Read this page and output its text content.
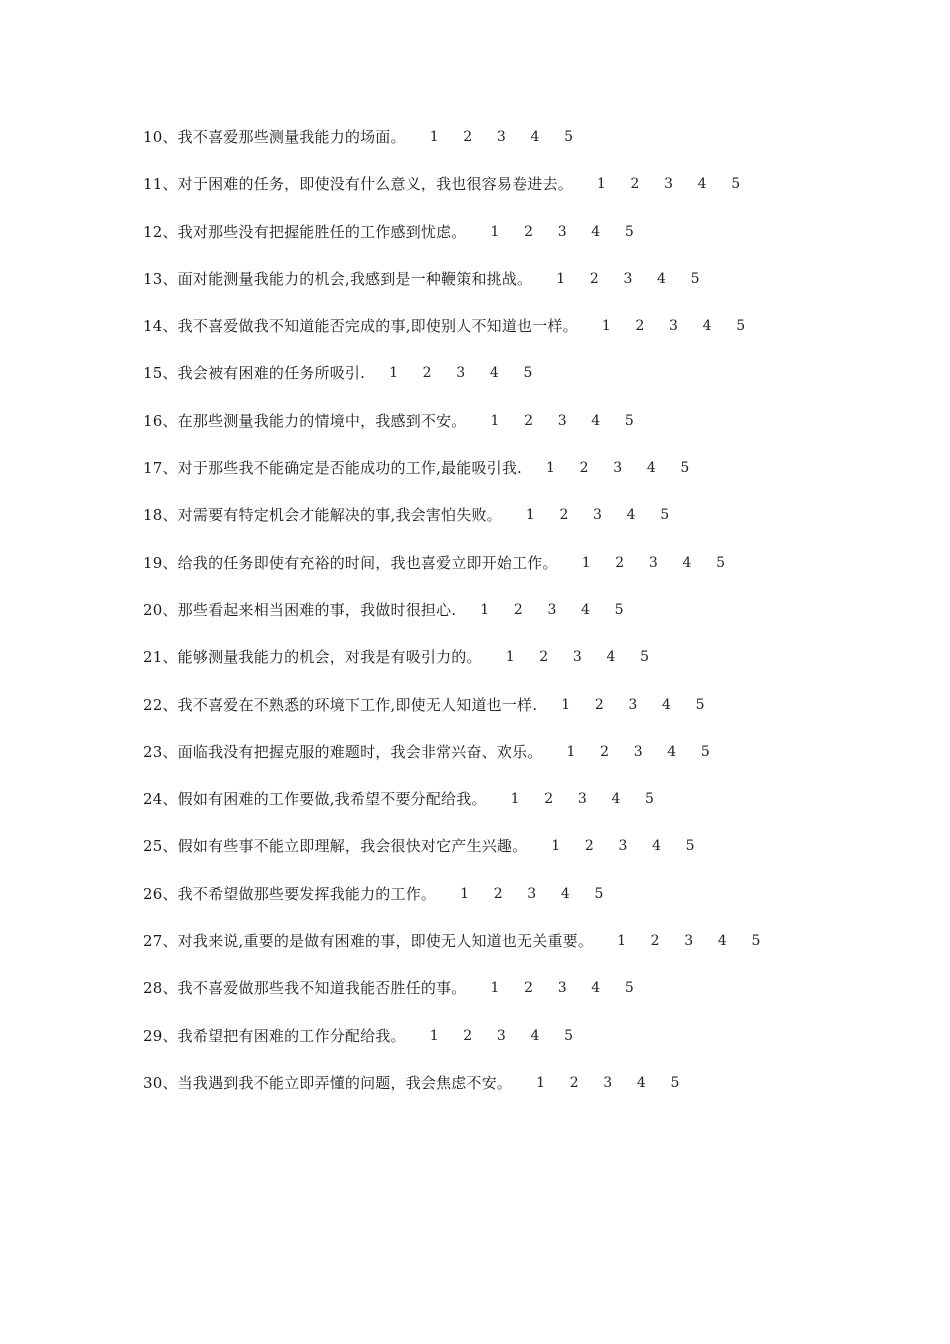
10、我不喜爱那些测量我能力的场面。 1	2	3	4	5
11、对于困难的任务，即使没有什么意义，我也很容易卷进去。 1	2	3	4	5
12、我对那些没有把握能胜任的工作感到忧虑。 1	2	3	4	5
13、面对能测量我能力的机会,我感到是一种鞭策和挑战。 1	2	3	4	5
14、我不喜爱做我不知道能否完成的事,即使别人不知道也一样。 1	2	3	4	5
15、我会被有困难的任务所吸引. 1	2	3	4	5
16、在那些测量我能力的情境中，我感到不安。 1	2	3	4	5
17、对于那些我不能确定是否能成功的工作,最能吸引我. 1	2	3	4	5
18、对需要有特定机会才能解决的事,我会害怕失败。 1	2	3	4	5
19、给我的任务即使有充裕的时间，我也喜爱立即开始工作。 1	2	3	4	5
20、那些看起来相当困难的事，我做时很担心. 1	2	3	4	5
21、能够测量我能力的机会，对我是有吸引力的。 1	2	3	4	5
22、我不喜爱在不熟悉的环境下工作,即使无人知道也一样. 1	2	3	4	5
23、面临我没有把握克服的难题时，我会非常兴奋、欢乐。 1	2	3	4	5
24、假如有困难的工作要做,我希望不要分配给我。 1	2	3	4	5
25、假如有些事不能立即理解，我会很快对它产生兴趣。 1	2	3	4	5
26、我不希望做那些要发挥我能力的工作。 1	2	3	4	5
27、对我来说,重要的是做有困难的事，即使无人知道也无关重要。 1	2	3	4	5
28、我不喜爱做那些我不知道我能否胜任的事。 1	2	3	4	5
29、我希望把有困难的工作分配给我。 1	2	3	4	5
30、当我遇到我不能立即弄懂的问题，我会焦虑不安。 1	2	3	4	5
